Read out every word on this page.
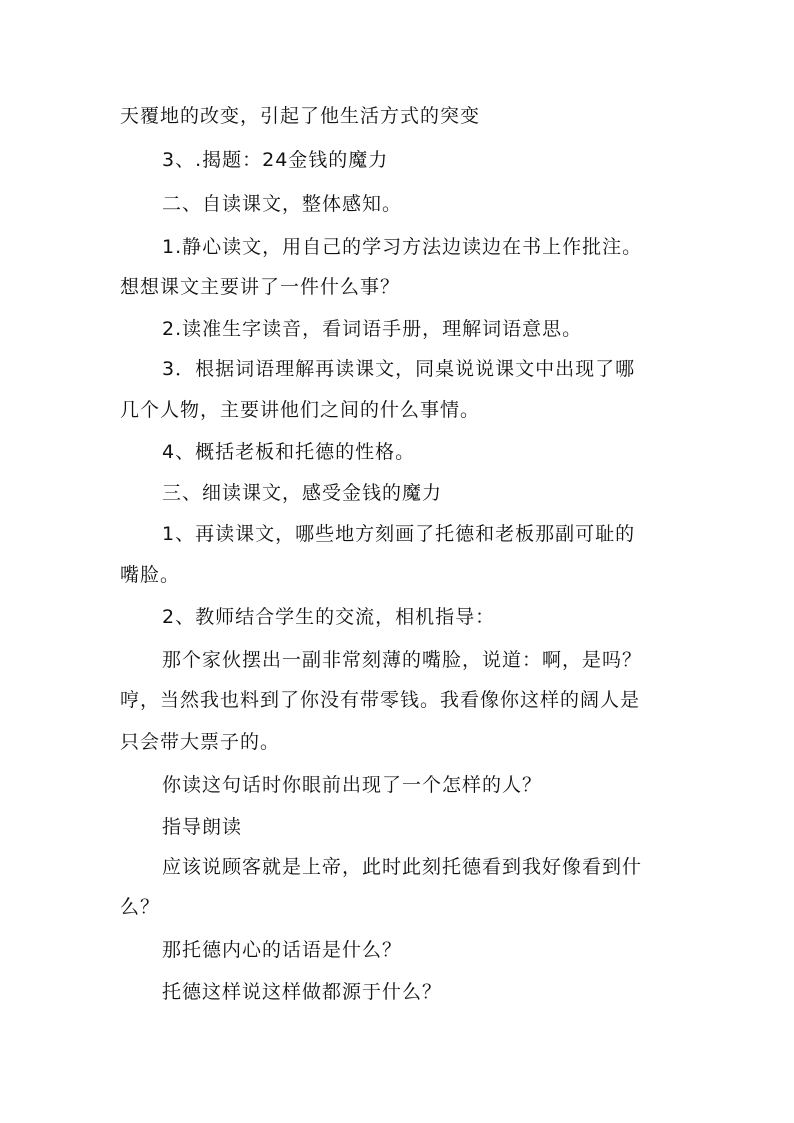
天覆地的改变，引起了他生活方式的突变
3、.揭题：24金钱的魔力
二、自读课文，整体感知。
1.静心读文，用自己的学习方法边读边在书上作批注。
想想课文主要讲了一件什么事？
2.读准生字读音，看词语手册，理解词语意思。
3．根据词语理解再读课文，同桌说说课文中出现了哪
几个人物，主要讲他们之间的什么事情。
4、概括老板和托德的性格。
三、细读课文，感受金钱的魔力
1、再读课文，哪些地方刻画了托德和老板那副可耻的
嘴脸。
2、教师结合学生的交流，相机指导：
那个家伙摆出一副非常刻薄的嘴脸，说道：啊，是吗？
哼，当然我也料到了你没有带零钱。我看像你这样的阔人是
只会带大票子的。
你读这句话时你眼前出现了一个怎样的人？
指导朗读
应该说顾客就是上帝，此时此刻托德看到我好像看到什
么？
那托德内心的话语是什么？
托德这样说这样做都源于什么？
